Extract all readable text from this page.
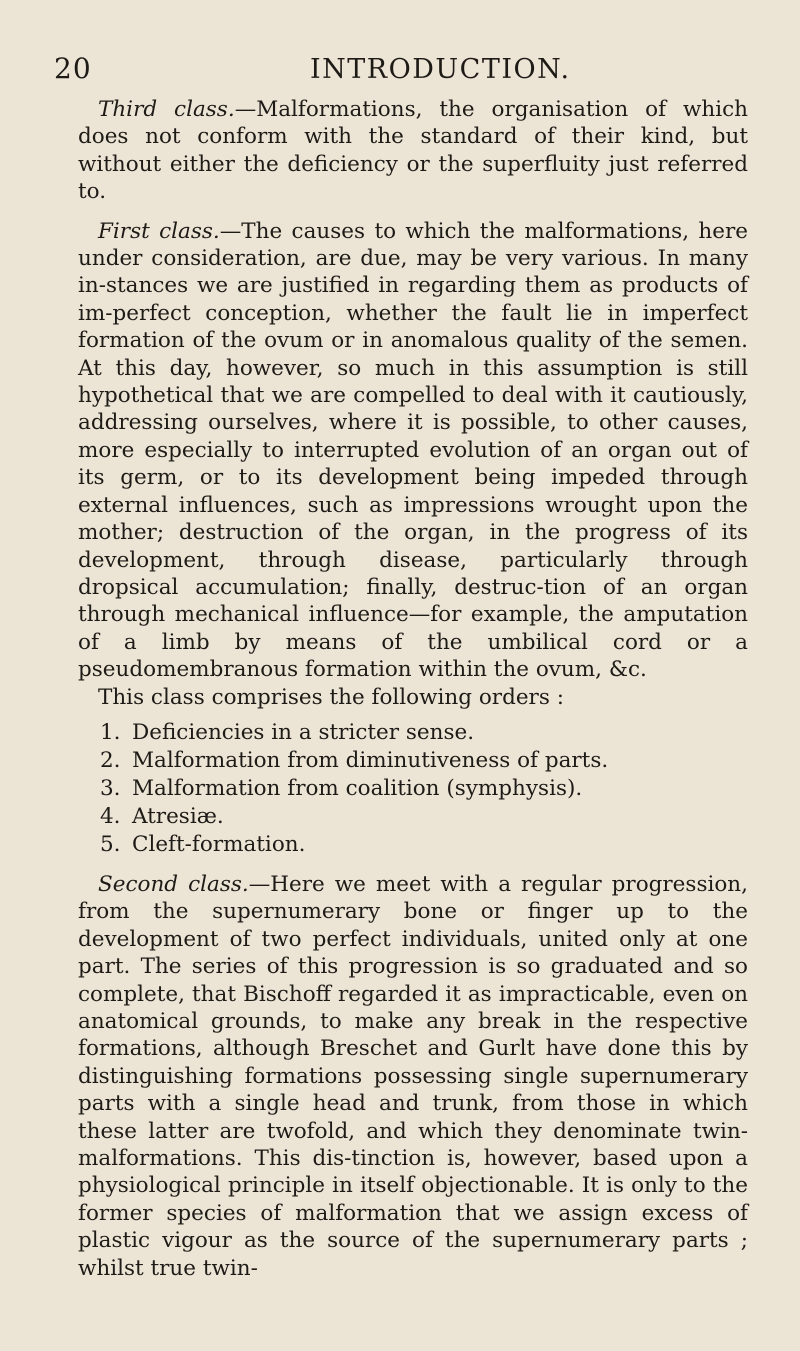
20	INTRODUCTION.

Third class.—Malformations, the organisation of which does not conform with the standard of their kind, but without either the deficiency or the superfluity just referred to.

First class.—The causes to which the malformations, here under consideration, are due, may be very various. In many in-stances we are justified in regarding them as products of im-perfect conception, whether the fault lie in imperfect formation of the ovum or in anomalous quality of the semen. At this day, however, so much in this assumption is still hypothetical that we are compelled to deal with it cautiously, addressing ourselves, where it is possible, to other causes, more especially to interrupted evolution of an organ out of its germ, or to its development being impeded through external influences, such as impressions wrought upon the mother; destruction of the organ, in the progress of its development, through disease, particularly through dropsical accumulation; finally, destruc-tion of an organ through mechanical influence—for example, the amputation of a limb by means of the umbilical cord or a pseudomembranous formation within the ovum, &c.

This class comprises the following orders :

1. Deficiencies in a stricter sense.
2. Malformation from diminutiveness of parts.
3. Malformation from coalition (symphysis).
4. Atresiæ.
5. Cleft-formation.

Second class.—Here we meet with a regular progression, from the supernumerary bone or finger up to the development of two perfect individuals, united only at one part. The series of this progression is so graduated and so complete, that Bischoff regarded it as impracticable, even on anatomical grounds, to make any break in the respective formations, although Breschet and Gurlt have done this by distinguishing formations possessing single supernumerary parts with a single head and trunk, from those in which these latter are twofold, and which they denominate twin-malformations. This dis-tinction is, however, based upon a physiological principle in itself objectionable. It is only to the former species of malformation that we assign excess of plastic vigour as the source of the supernumerary parts ; whilst true twin-
